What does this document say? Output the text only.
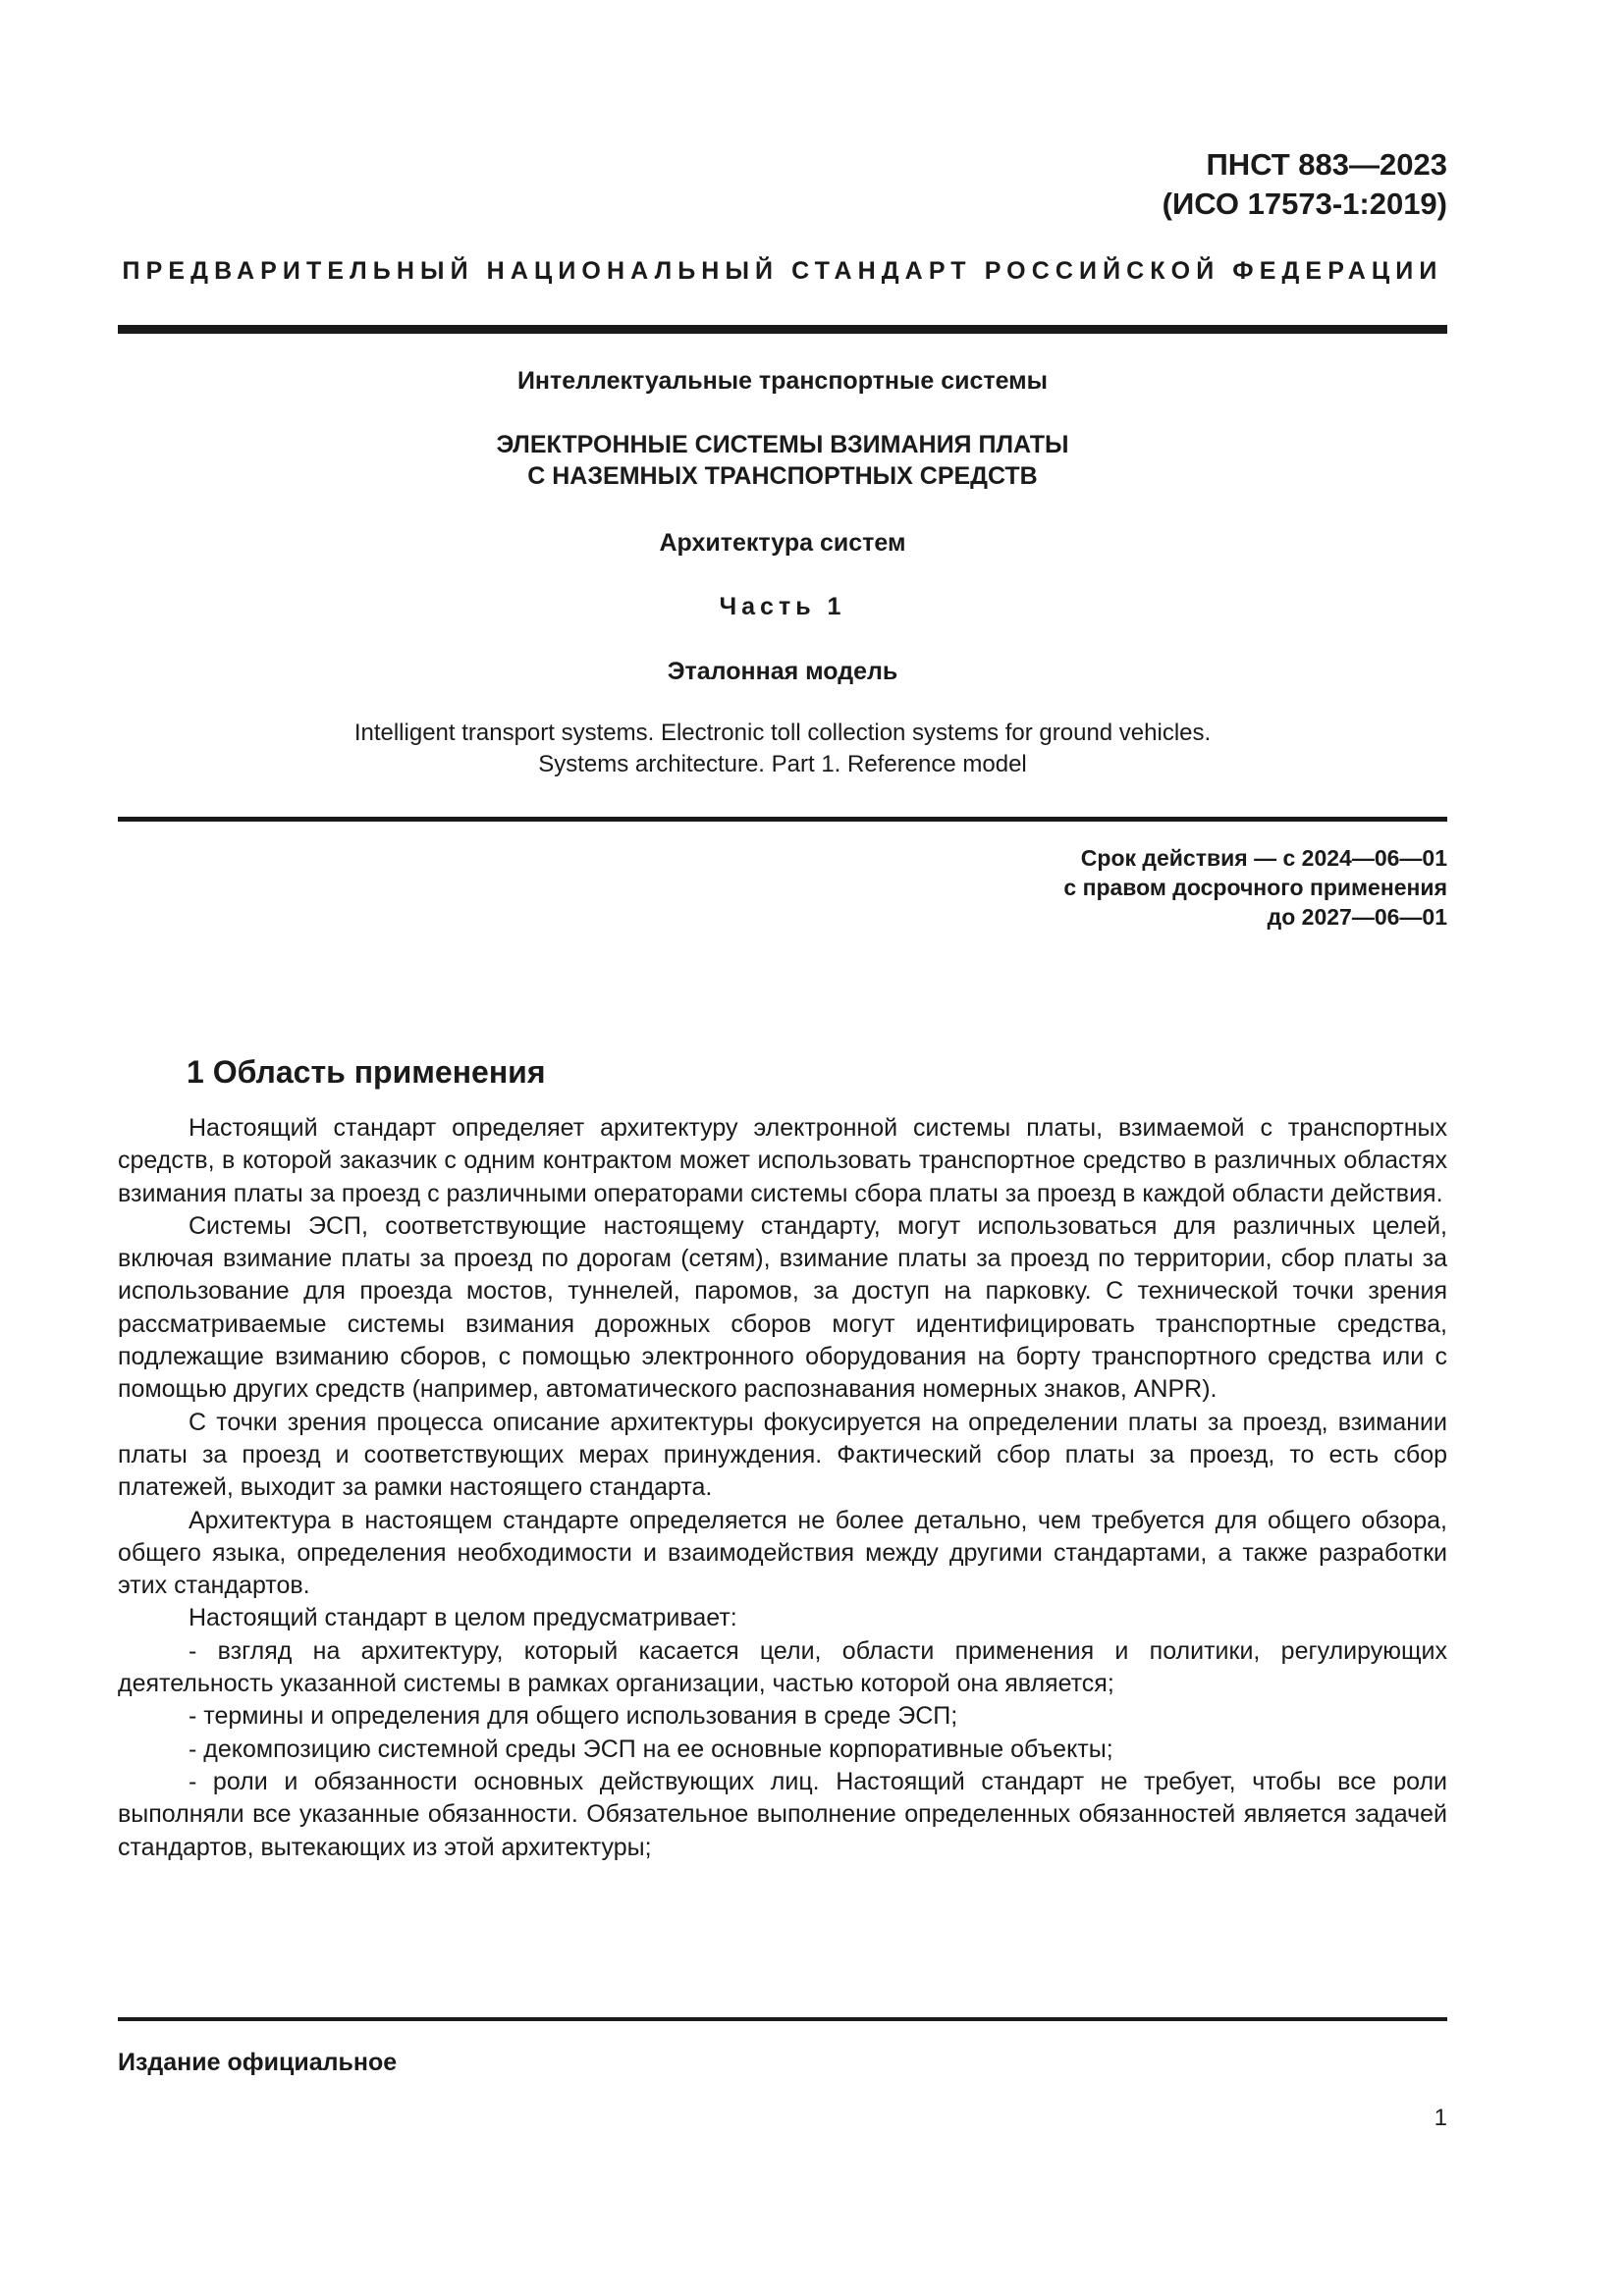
ПНСТ 883—2023
(ИСО 17573-1:2019)
ПРЕДВАРИТЕЛЬНЫЙ НАЦИОНАЛЬНЫЙ СТАНДАРТ РОССИЙСКОЙ ФЕДЕРАЦИИ
Интеллектуальные транспортные системы
ЭЛЕКТРОННЫЕ СИСТЕМЫ ВЗИМАНИЯ ПЛАТЫ
С НАЗЕМНЫХ ТРАНСПОРТНЫХ СРЕДСТВ
Архитектура систем
Часть 1
Эталонная модель
Intelligent transport systems. Electronic toll collection systems for ground vehicles.
Systems architecture. Part 1. Reference model
Срок действия — с 2024—06—01
с правом досрочного применения
до 2027—06—01
1 Область применения

Настоящий стандарт определяет архитектуру электронной системы платы, взимаемой с транспортных средств, в которой заказчик с одним контрактом может использовать транспортное средство в различных областях взимания платы за проезд с различными операторами системы сбора платы за проезд в каждой области действия.

Системы ЭСП, соответствующие настоящему стандарту, могут использоваться для различных целей, включая взимание платы за проезд по дорогам (сетям), взимание платы за проезд по территории, сбор платы за использование для проезда мостов, туннелей, паромов, за доступ на парковку. С технической точки зрения рассматриваемые системы взимания дорожных сборов могут идентифицировать транспортные средства, подлежащие взиманию сборов, с помощью электронного оборудования на борту транспортного средства или с помощью других средств (например, автоматического распознавания номерных знаков, ANPR).

С точки зрения процесса описание архитектуры фокусируется на определении платы за проезд, взимании платы за проезд и соответствующих мерах принуждения. Фактический сбор платы за проезд, то есть сбор платежей, выходит за рамки настоящего стандарта.

Архитектура в настоящем стандарте определяется не более детально, чем требуется для общего обзора, общего языка, определения необходимости и взаимодействия между другими стандартами, а также разработки этих стандартов.

Настоящий стандарт в целом предусматривает:

- взгляд на архитектуру, который касается цели, области применения и политики, регулирующих деятельность указанной системы в рамках организации, частью которой она является;

- термины и определения для общего использования в среде ЭСП;

- декомпозицию системной среды ЭСП на ее основные корпоративные объекты;

- роли и обязанности основных действующих лиц. Настоящий стандарт не требует, чтобы все роли выполняли все указанные обязанности. Обязательное выполнение определенных обязанностей является задачей стандартов, вытекающих из этой архитектуры;

Издание официальное
1
